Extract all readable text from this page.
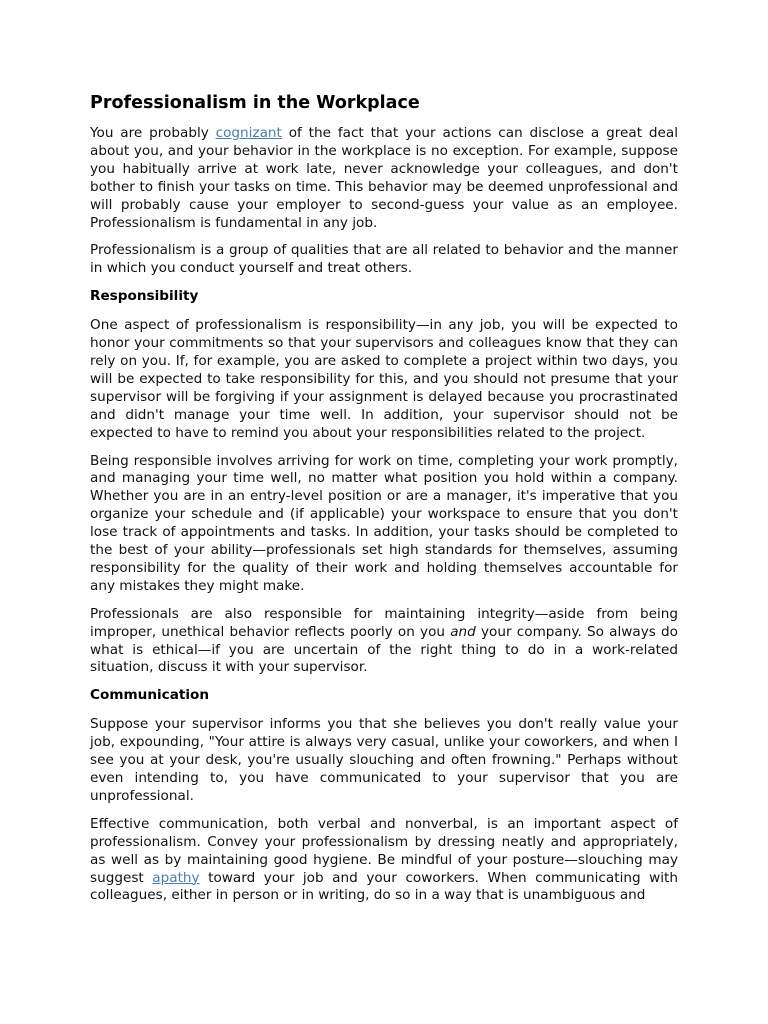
Professionalism in the Workplace

You are probably cognizant of the fact that your actions can disclose a great deal about you, and your behavior in the workplace is no exception. For example, suppose you habitually arrive at work late, never acknowledge your colleagues, and don't bother to finish your tasks on time. This behavior may be deemed unprofessional and will probably cause your employer to second-guess your value as an employee. Professionalism is fundamental in any job.

Professionalism is a group of qualities that are all related to behavior and the manner in which you conduct yourself and treat others.

Responsibility

One aspect of professionalism is responsibility—in any job, you will be expected to honor your commitments so that your supervisors and colleagues know that they can rely on you. If, for example, you are asked to complete a project within two days, you will be expected to take responsibility for this, and you should not presume that your supervisor will be forgiving if your assignment is delayed because you procrastinated and didn't manage your time well. In addition, your supervisor should not be expected to have to remind you about your responsibilities related to the project.

Being responsible involves arriving for work on time, completing your work promptly, and managing your time well, no matter what position you hold within a company. Whether you are in an entry-level position or are a manager, it's imperative that you organize your schedule and (if applicable) your workspace to ensure that you don't lose track of appointments and tasks. In addition, your tasks should be completed to the best of your ability—professionals set high standards for themselves, assuming responsibility for the quality of their work and holding themselves accountable for any mistakes they might make.

Professionals are also responsible for maintaining integrity—aside from being improper, unethical behavior reflects poorly on you and your company. So always do what is ethical—if you are uncertain of the right thing to do in a work-related situation, discuss it with your supervisor.

Communication

Suppose your supervisor informs you that she believes you don't really value your job, expounding, "Your attire is always very casual, unlike your coworkers, and when I see you at your desk, you're usually slouching and often frowning." Perhaps without even intending to, you have communicated to your supervisor that you are unprofessional.

Effective communication, both verbal and nonverbal, is an important aspect of professionalism. Convey your professionalism by dressing neatly and appropriately, as well as by maintaining good hygiene. Be mindful of your posture—slouching may suggest apathy toward your job and your coworkers. When communicating with colleagues, either in person or in writing, do so in a way that is unambiguous and
